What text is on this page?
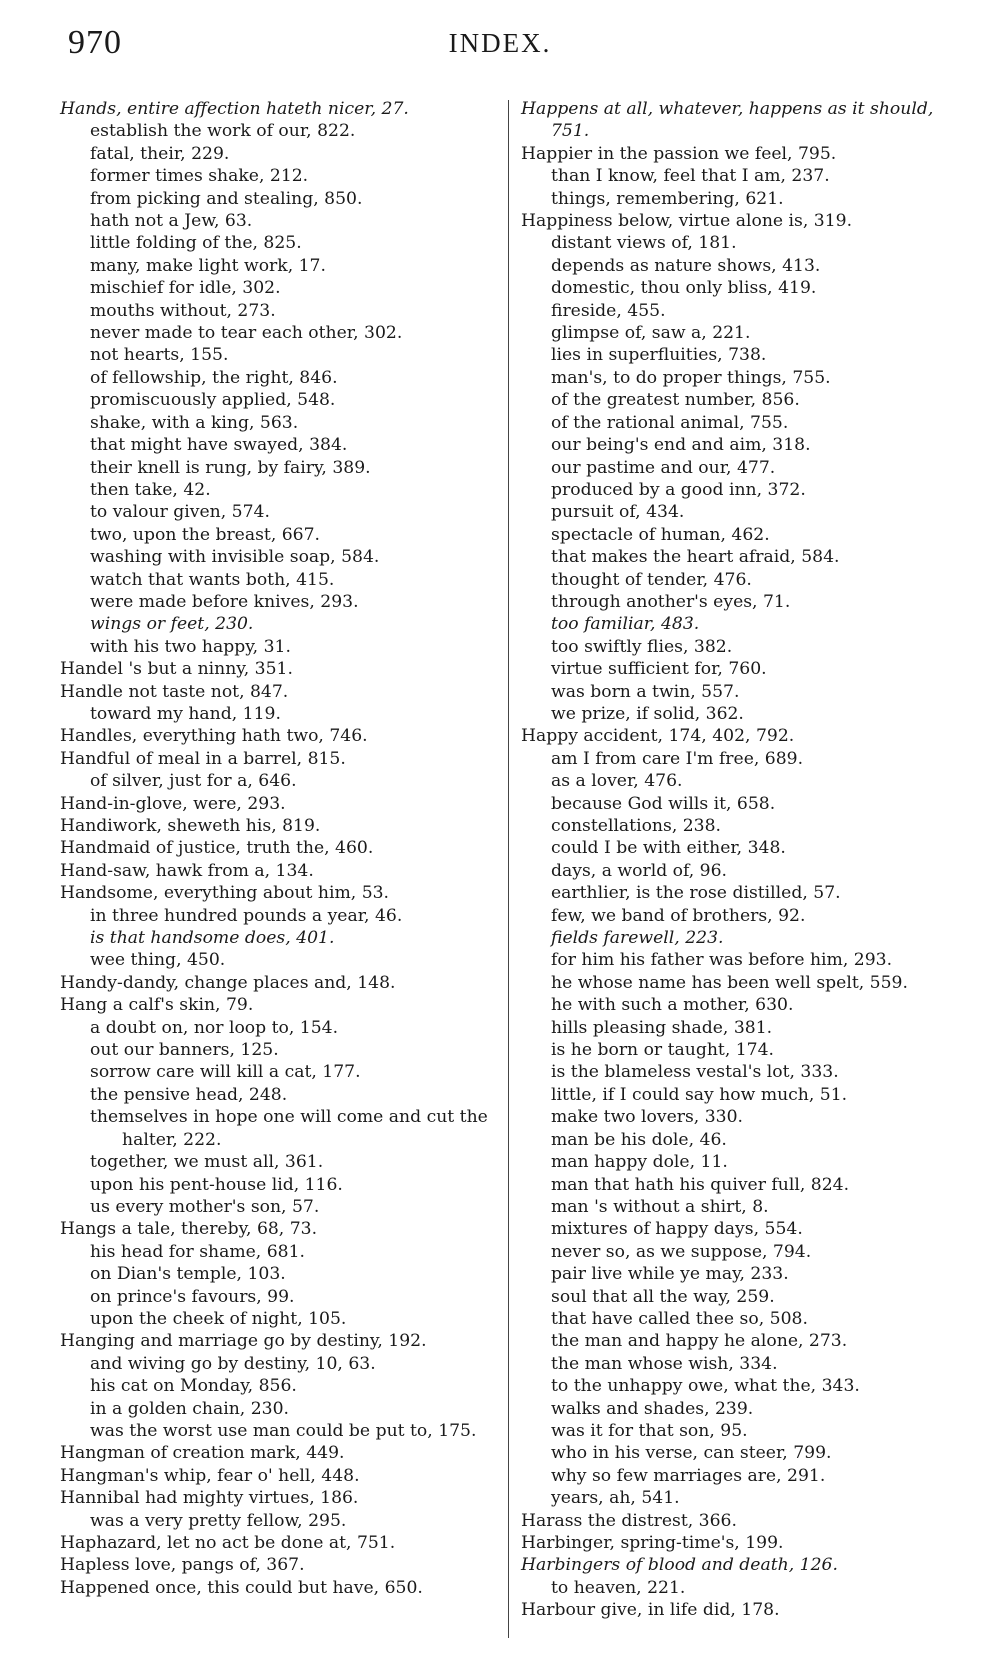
970	INDEX.
Hands, entire affection hateth nicer, 27.
establish the work of our, 822.
fatal, their, 229.
former times shake, 212.
from picking and stealing, 850.
hath not a Jew, 63.
little folding of the, 825.
many, make light work, 17.
mischief for idle, 302.
mouths without, 273.
never made to tear each other, 302.
not hearts, 155.
of fellowship, the right, 846.
promiscuously applied, 548.
shake, with a king, 563.
that might have swayed, 384.
their knell is rung, by fairy, 389.
then take, 42.
to valour given, 574.
two, upon the breast, 667.
washing with invisible soap, 584.
watch that wants both, 415.
were made before knives, 293.
wings or feet, 230.
with his two happy, 31.
Handel 's but a ninny, 351.
Handle not taste not, 847.
toward my hand, 119.
Handles, everything hath two, 746.
Handful of meal in a barrel, 815.
of silver, just for a, 646.
Hand-in-glove, were, 293.
Handiwork, sheweth his, 819.
Handmaid of justice, truth the, 460.
Hand-saw, hawk from a, 134.
Handsome, everything about him, 53.
in three hundred pounds a year, 46.
is that handsome does, 401.
wee thing, 450.
Handy-dandy, change places and, 148.
Hang a calf's skin, 79.
a doubt on, nor loop to, 154.
out our banners, 125.
sorrow care will kill a cat, 177.
the pensive head, 248.
themselves in hope one will come and cut the halter, 222.
together, we must all, 361.
upon his pent-house lid, 116.
us every mother's son, 57.
Hangs a tale, thereby, 68, 73.
his head for shame, 681.
on Dian's temple, 103.
on prince's favours, 99.
upon the cheek of night, 105.
Hanging and marriage go by destiny, 192.
and wiving go by destiny, 10, 63.
his cat on Monday, 856.
in a golden chain, 230.
was the worst use man could be put to, 175.
Hangman of creation mark, 449.
Hangman's whip, fear o' hell, 448.
Hannibal had mighty virtues, 186.
was a very pretty fellow, 295.
Haphazard, let no act be done at, 751.
Hapless love, pangs of, 367.
Happened once, this could but have, 650.
Happens at all, whatever, happens as it should, 751.
Happier in the passion we feel, 795.
than I know, feel that I am, 237.
things, remembering, 621.
Happiness below, virtue alone is, 319.
distant views of, 181.
depends as nature shows, 413.
domestic, thou only bliss, 419.
fireside, 455.
glimpse of, saw a, 221.
lies in superfluities, 738.
man's, to do proper things, 755.
of the greatest number, 856.
of the rational animal, 755.
our being's end and aim, 318.
our pastime and our, 477.
produced by a good inn, 372.
pursuit of, 434.
spectacle of human, 462.
that makes the heart afraid, 584.
thought of tender, 476.
through another's eyes, 71.
too familiar, 483.
too swiftly flies, 382.
virtue sufficient for, 760.
was born a twin, 557.
we prize, if solid, 362.
Happy accident, 174, 402, 792.
am I from care I'm free, 689.
as a lover, 476.
because God wills it, 658.
constellations, 238.
could I be with either, 348.
days, a world of, 96.
earthlier, is the rose distilled, 57.
few, we band of brothers, 92.
fields farewell, 223.
for him his father was before him, 293.
he whose name has been well spelt, 559.
he with such a mother, 630.
hills pleasing shade, 381.
is he born or taught, 174.
is the blameless vestal's lot, 333.
little, if I could say how much, 51.
make two lovers, 330.
man be his dole, 46.
man happy dole, 11.
man that hath his quiver full, 824.
man 's without a shirt, 8.
mixtures of happy days, 554.
never so, as we suppose, 794.
pair live while ye may, 233.
soul that all the way, 259.
that have called thee so, 508.
the man and happy he alone, 273.
the man whose wish, 334.
to the unhappy owe, what the, 343.
walks and shades, 239.
was it for that son, 95.
who in his verse, can steer, 799.
why so few marriages are, 291.
years, ah, 541.
Harass the distrest, 366.
Harbinger, spring-time's, 199.
Harbingers of blood and death, 126.
to heaven, 221.
Harbour give, in life did, 178.
